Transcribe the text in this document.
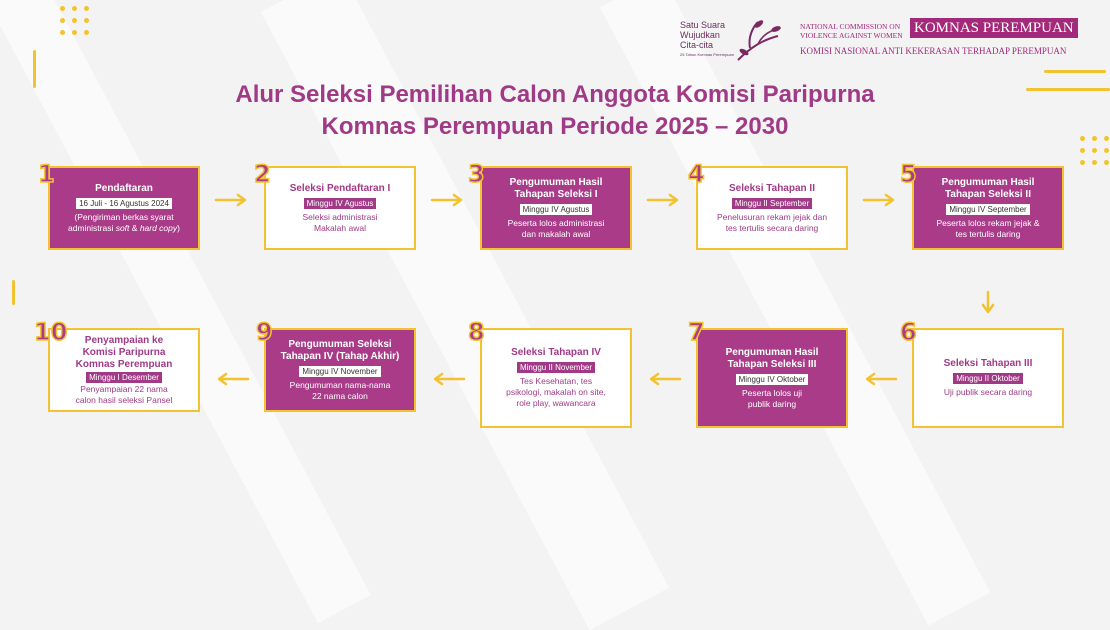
Satu Suara
Wujudkan
Cita-cita
25 Tahun Komnas Perempuan
NATIONAL COMMISSION ON
VIOLENCE AGAINST WOMEN KOMNAS PEREMPUAN
KOMISI NASIONAL ANTI KEKERASAN TERHADAP PEREMPUAN
Alur Seleksi Pemilihan Calon Anggota Komisi Paripurna
Komnas Perempuan Periode 2025 – 2030
Pendaftaran
16 Juli - 16 Agustus 2024
(Pengiriman berkas syarat
administrasi soft & hard copy)
1	Seleksi Pendaftaran I
Minggu IV Agustus
Seleksi administrasi
Makalah awal
2	Pengumuman Hasil
Tahapan Seleksi I
Minggu IV Agustus
Peserta lolos administrasi
dan makalah awal
3	Seleksi Tahapan II
Minggu II September
Penelusuran rekam jejak dan
tes tertulis secara daring
4	Pengumuman Hasil
Tahapan Seleksi II
Minggu IV September
Peserta lolos rekam jejak &
tes tertulis daring
5
Penyampaian ke
Komisi Paripurna
Komnas Perempuan
Minggu I Desember
Penyampaian 22 nama
calon hasil seleksi Pansel
10	Pengumuman Seleksi
Tahapan IV (Tahap Akhir)
Minggu IV November
Pengumuman nama-nama
22 nama calon
9
Seleksi Tahapan IV
Minggu II November
Tes Kesehatan, tes
psikologi, makalah on site,
role play, wawancara
8
Pengumuman Hasil
Tahapan Seleksi III
Minggu IV Oktober
Peserta lolos uji
publik daring
7
Seleksi Tahapan III
Minggu II Oktober
Uji publik secara daring
6
